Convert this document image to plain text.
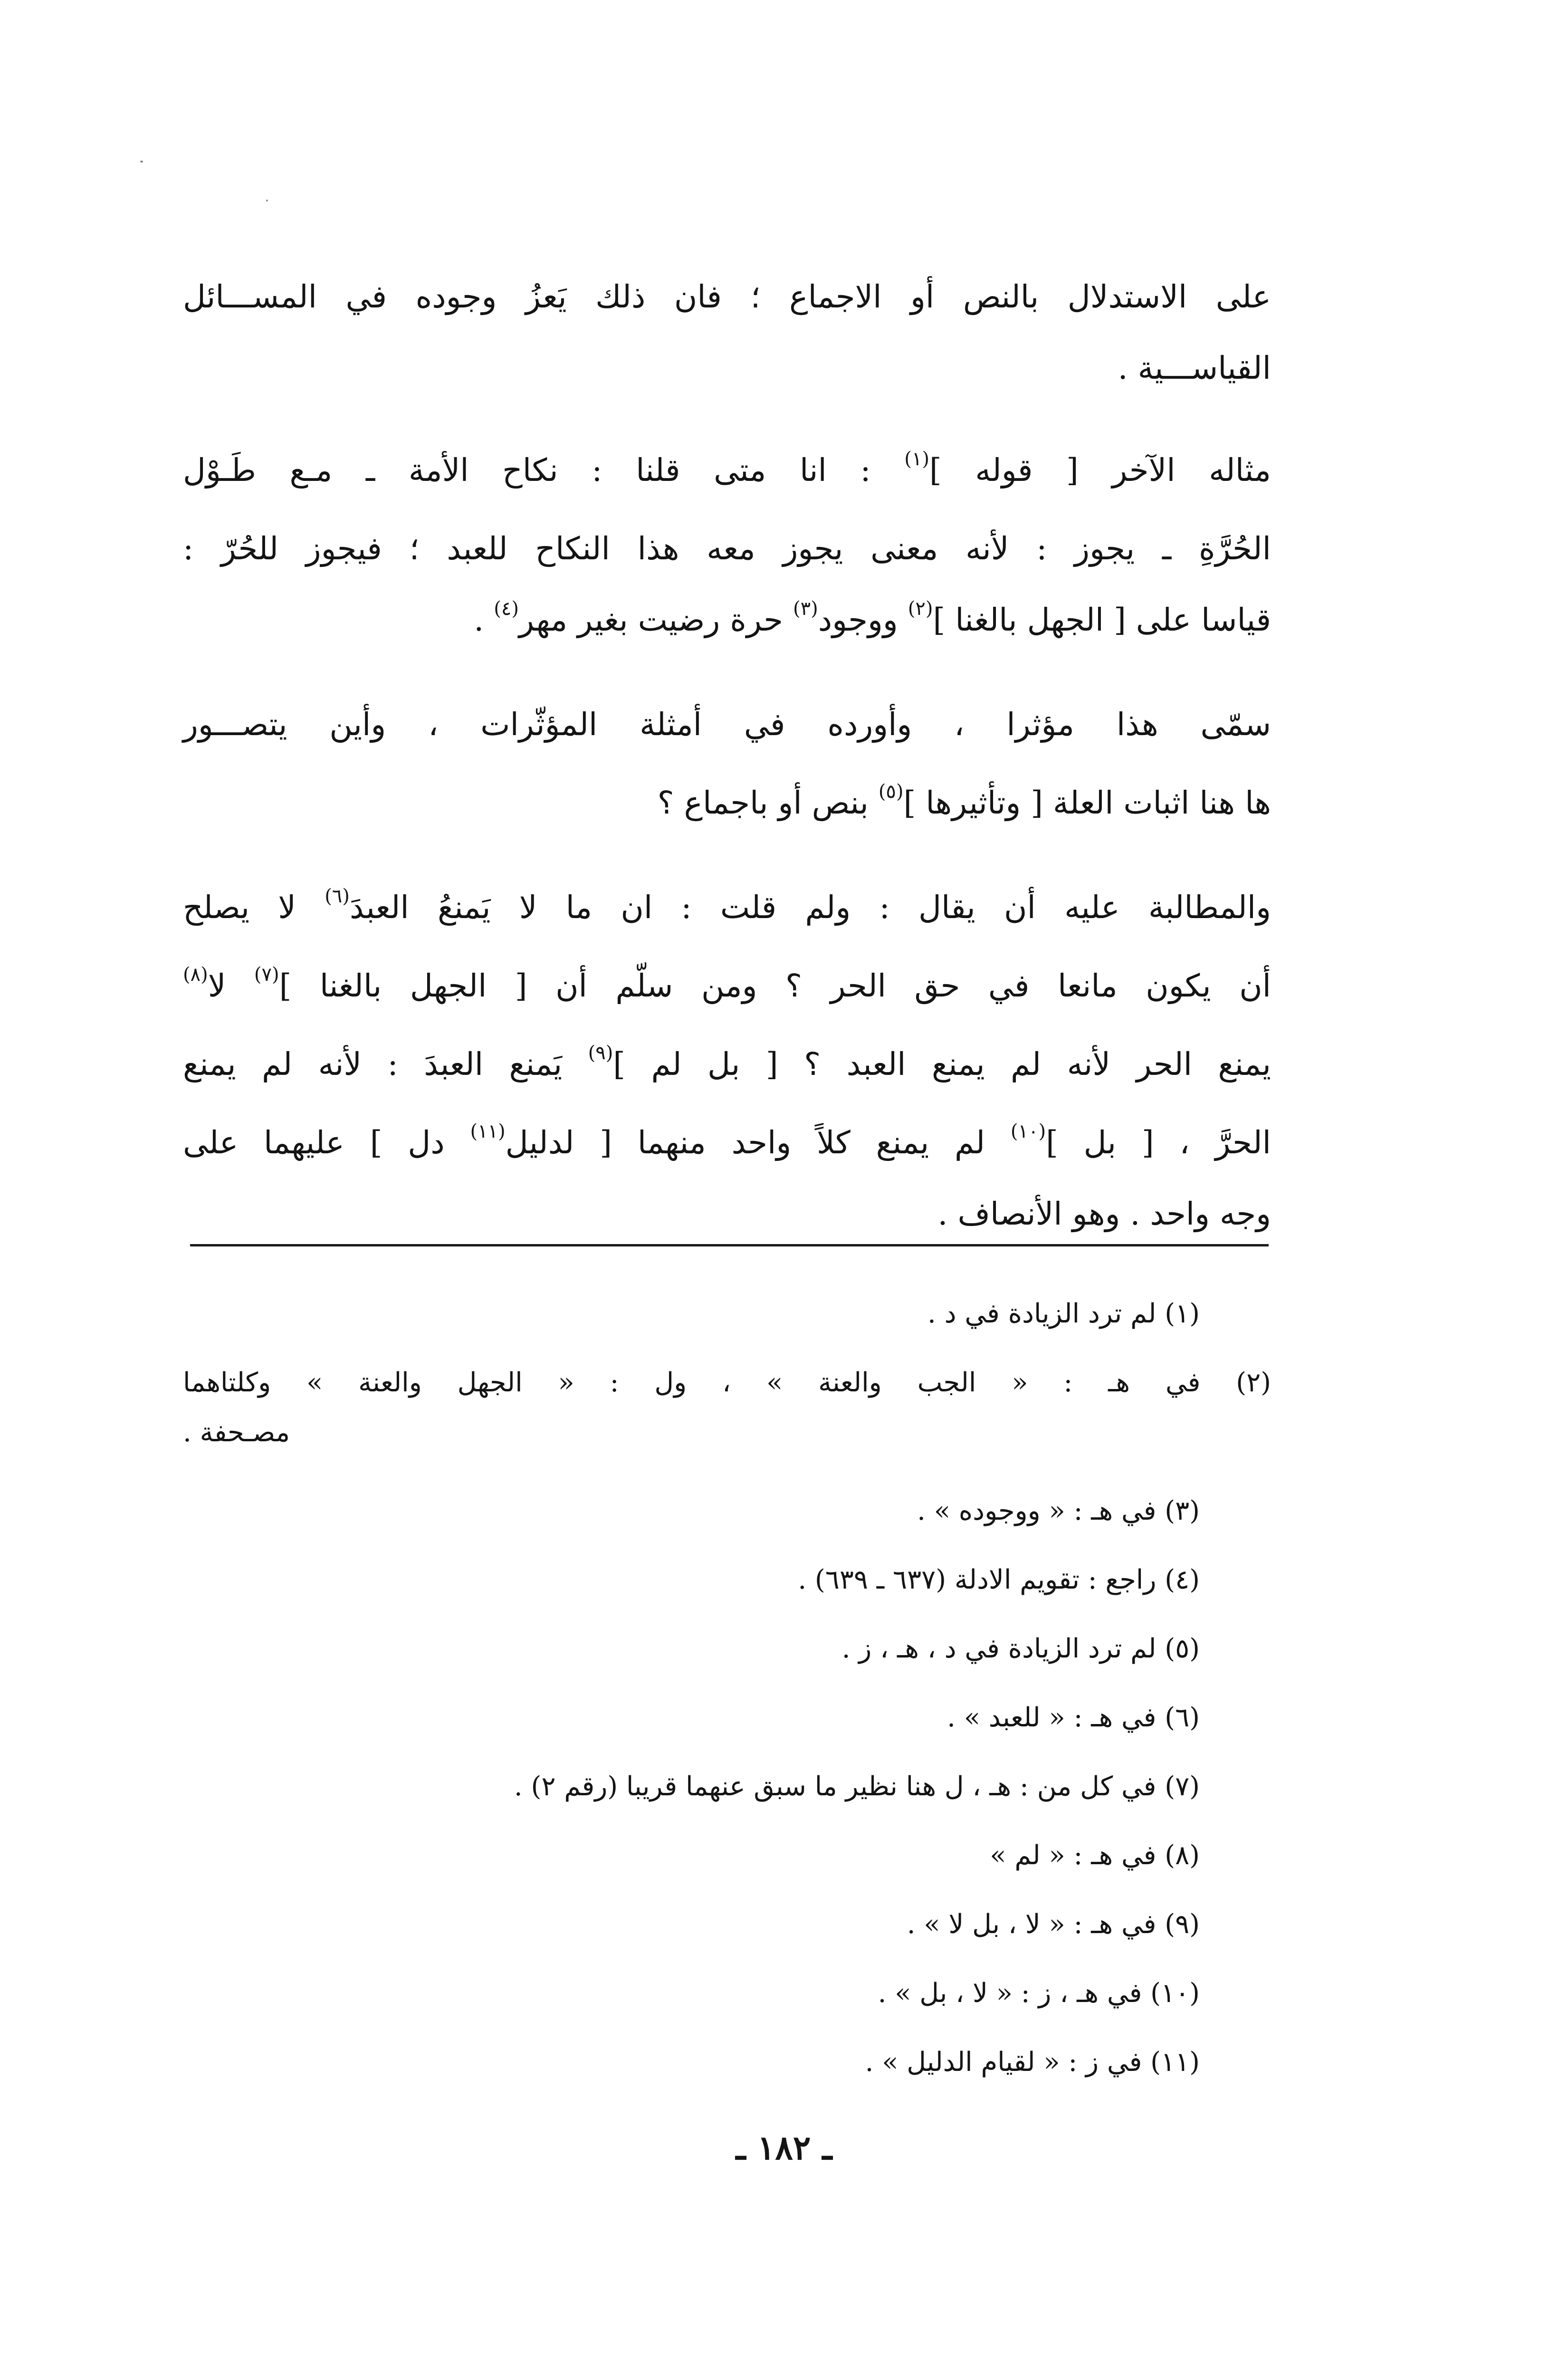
على الاستدلال بالنص أو الاجماع ؛ فان ذلك يَعزُ وجوده في المســـائل
القياســـية .
مثاله الآخر [ قوله ]$^{(١)}$ : انا متى قلنا : نكاح الأمة ـ مـع طَـوْل
الحُرَّةِ ـ يجوز : لأنه معنى يجوز معه هذا النكاح للعبد ؛ فيجوز للحُرّ :
قياسا على [ الجهل بالغنا ]$^{(٢)}$ ووجود$^{(٣)}$ حرة رضيت بغير مهر$^{(٤)}$ .
سمّى هذا مؤثرا ، وأورده في أمثلة المؤثّرات ، وأين يتصـــور
ها هنا اثبات العلة [ وتأثيرها ]$^{(٥)}$ بنص أو باجماع ؟
والمطالبة عليه أن يقال : ولم قلت : ان ما لا يَمنعُ العبدَ$^{(٦)}$ لا يصلح
أن يكون مانعا في حق الحر ؟ ومن سلّم أن [ الجهل بالغنا ]$^{(٧)}$ لا$^{(٨)}$
يمنع الحر لأنه لم يمنع العبد ؟ [ بل لم ]$^{(٩)}$ يَمنع العبدَ : لأنه لم يمنع
الحرَّ ، [ بل ]$^{(١٠)}$ لم يمنع كلاً واحد منهما [ لدليل$^{(١١)}$ دل ] عليهما على
وجه واحد . وهو الأنصاف .
(١) لم ترد الزيادة في د .
(٢) في هـ : « الجب والعنة » ، ول : « الجهل والعنة » وكلتاهما
مصـحفة .
(٣) في هـ : « ووجوده » .
(٤) راجع : تقويم الادلة (٦٣٧ ـ ٦٣٩) .
(٥) لم ترد الزيادة في د ، هـ ، ز .
(٦) في هـ : « للعبد » .
(٧) في كل من : هـ ، ل هنا نظير ما سبق عنهما قريبا (رقم ٢) .
(٨) في هـ : « لم »
(٩) في هـ : « لا ، بل لا » .
(١٠) في هـ ، ز : « لا ، بل » .
(١١) في ز : « لقيام الدليل » .
ـ ١٨٢ ـ
